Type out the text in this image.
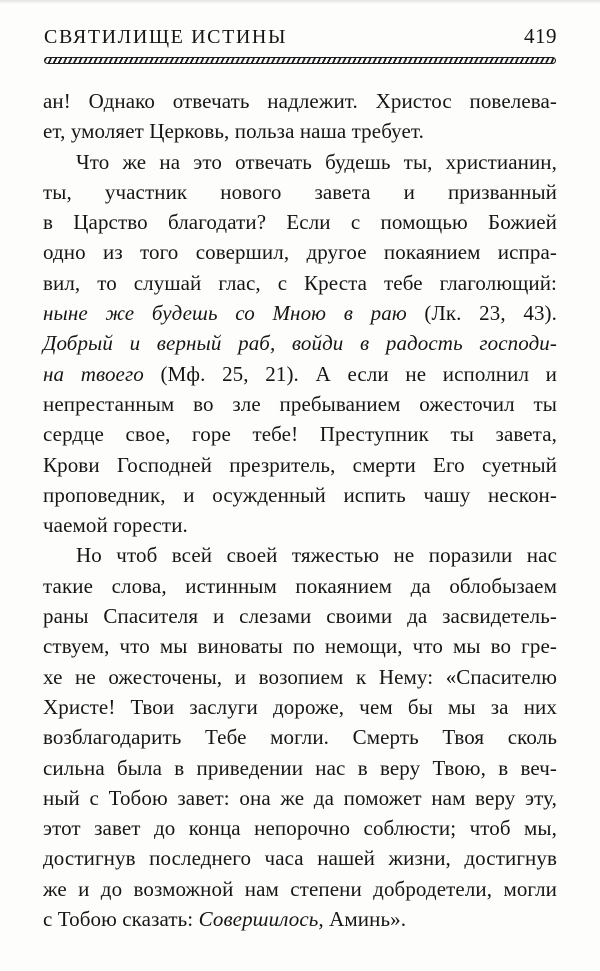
СВЯТИЛИЩЕ ИСТИНЫ	419
ан! Однако отвечать надлежит. Христос повелева-
ет, умоляет Церковь, польза наша требует.
Что же на это отвечать будешь ты, христианин,
ты, участник нового завета и призванный
в Царство благодати? Если с помощью Божией
одно из того совершил, другое покаянием испра-
вил, то слушай глас, с Креста тебе глаголющий:
ныне же будешь со Мною в раю (Лк. 23, 43).
Добрый и верный раб, войди в радость господи-
на твоего (Мф. 25, 21). А если не исполнил и
непрестанным во зле пребыванием ожесточил ты
сердце свое, горе тебе! Преступник ты завета,
Крови Господней презритель, смерти Его суетный
проповедник, и осужденный испить чашу нескон-
чаемой горести.
Но чтоб всей своей тяжестью не поразили нас
такие слова, истинным покаянием да облобызаем
раны Спасителя и слезами своими да засвидетель-
ствуем, что мы виноваты по немощи, что мы во гре-
хе не ожесточены, и возопием к Нему: «Спасителю
Христе! Твои заслуги дороже, чем бы мы за них
возблагодарить Тебе могли. Смерть Твоя сколь
сильна была в приведении нас в веру Твою, в веч-
ный с Тобою завет: она же да поможет нам веру эту,
этот завет до конца непорочно соблюсти; чтоб мы,
достигнув последнего часа нашей жизни, достигнув
же и до возможной нам степени добродетели, могли
с Тобою сказать: Совершилось, Аминь».
